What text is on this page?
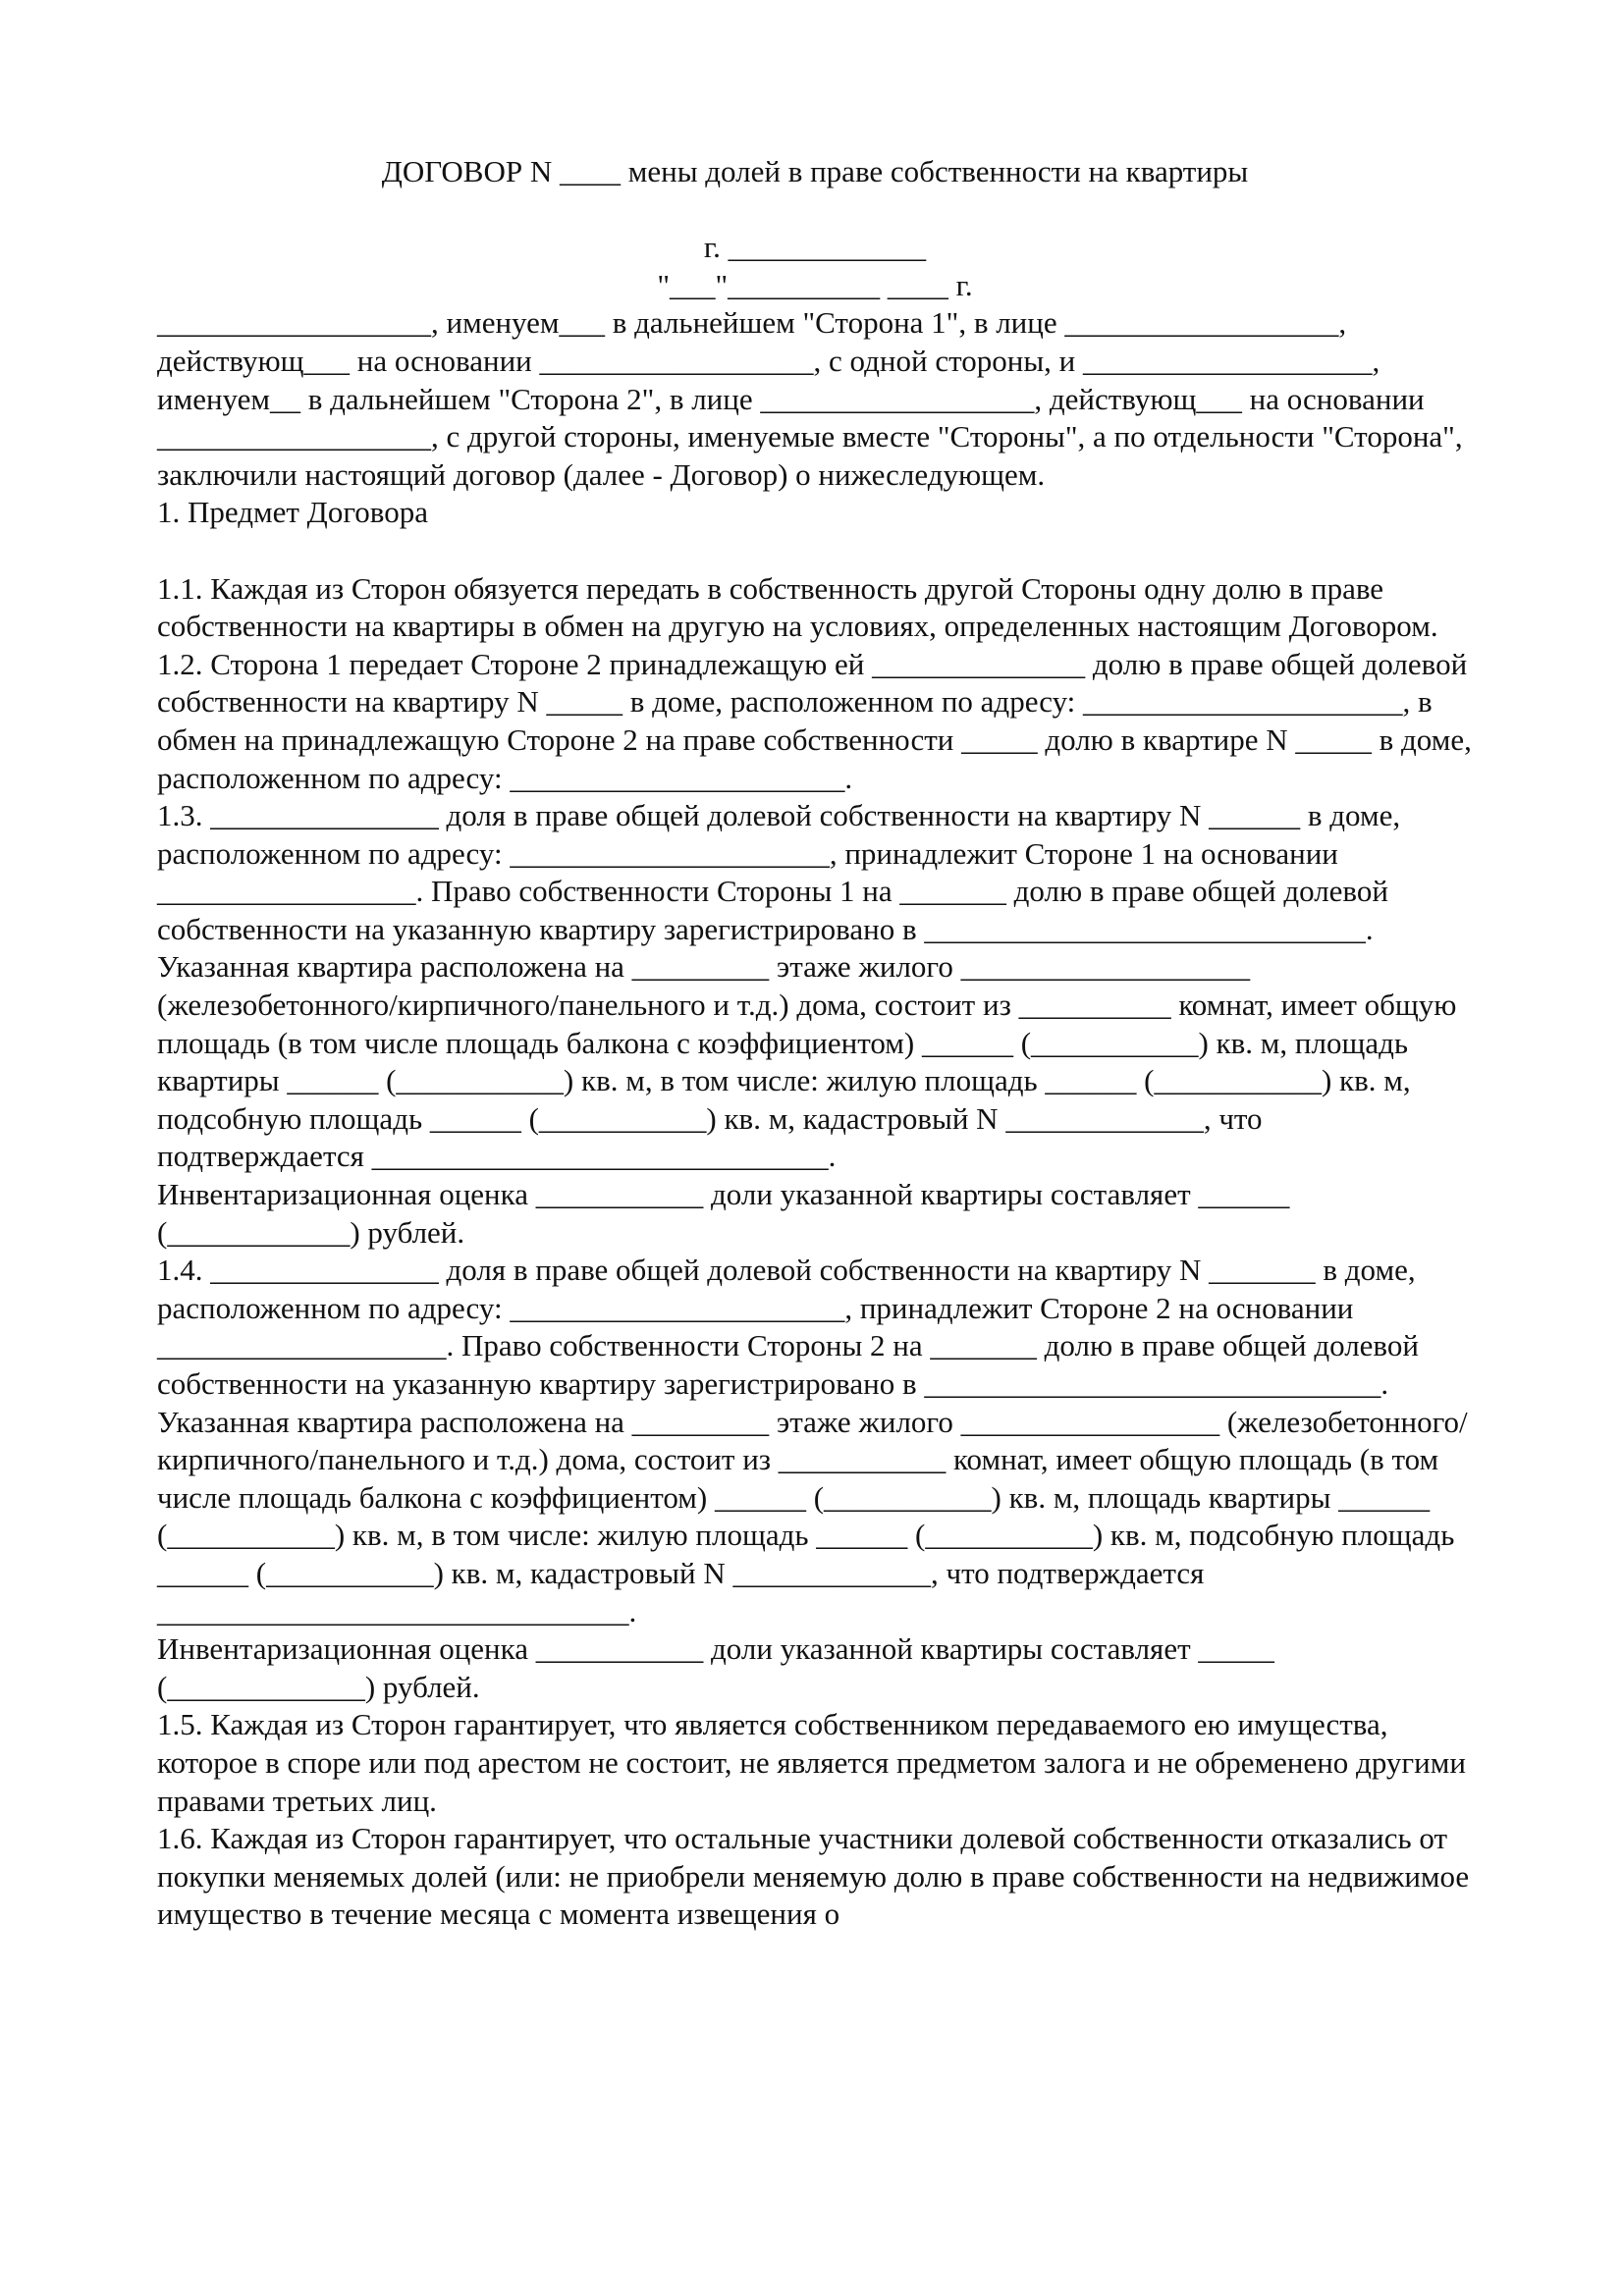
ДОГОВОР N ____ мены долей в праве собственности на квартиры

г. _____________

"___"__________ ____ г.

__________________, именуем___ в дальнейшем "Сторона 1", в лице __________________, действующ___ на основании __________________, с одной стороны, и ___________________, именуем__ в дальнейшем "Сторона 2", в лице __________________, действующ___ на основании __________________, с другой стороны, именуемые вместе "Стороны", а по отдельности "Сторона", заключили настоящий договор (далее - Договор) о нижеследующем.

1. Предмет Договора

1.1. Каждая из Сторон обязуется передать в собственность другой Стороны одну долю в праве собственности на квартиры в обмен на другую на условиях, определенных настоящим Договором.

1.2. Сторона 1 передает Стороне 2 принадлежащую ей ______________ долю в праве общей долевой собственности на квартиру N _____ в доме, расположенном по адресу: _____________________, в обмен на принадлежащую Стороне 2 на праве собственности _____ долю в квартире N _____ в доме, расположенном по адресу: ______________________.

1.3. _______________ доля в праве общей долевой собственности на квартиру N ______ в доме, расположенном по адресу: _____________________, принадлежит Стороне 1 на основании _________________. Право собственности Стороны 1 на _______ долю в праве общей долевой собственности на указанную квартиру зарегистрировано в _____________________________.

Указанная квартира расположена на _________ этаже жилого ___________________ (железобетонного/кирпичного/панельного и т.д.) дома, состоит из __________ комнат, имеет общую площадь (в том числе площадь балкона с коэффициентом) ______ (___________) кв. м, площадь квартиры ______ (___________) кв. м, в том числе: жилую площадь ______ (___________) кв. м, подсобную площадь ______ (___________) кв. м, кадастровый N _____________, что подтверждается ______________________________.

Инвентаризационная оценка ___________ доли указанной квартиры составляет ______ (____________) рублей.

1.4. _______________ доля в праве общей долевой собственности на квартиру N _______ в доме, расположенном по адресу: ______________________, принадлежит Стороне 2 на основании ___________________. Право собственности Стороны 2 на _______ долю в праве общей долевой собственности на указанную квартиру зарегистрировано в ______________________________.

Указанная квартира расположена на _________ этаже жилого _________________ (железобетонного/кирпичного/панельного и т.д.) дома, состоит из ___________ комнат, имеет общую площадь (в том числе площадь балкона с коэффициентом) ______ (___________) кв. м, площадь квартиры ______ (___________) кв. м, в том числе: жилую площадь ______ (___________) кв. м, подсобную площадь ______ (___________) кв. м, кадастровый N _____________, что подтверждается _______________________________.

Инвентаризационная оценка ___________ доли указанной квартиры составляет _____ (_____________) рублей.

1.5. Каждая из Сторон гарантирует, что является собственником передаваемого ею имущества, которое в споре или под арестом не состоит, не является предметом залога и не обременено другими правами третьих лиц.

1.6. Каждая из Сторон гарантирует, что остальные участники долевой собственности отказались от покупки меняемых долей (или: не приобрели меняемую долю в праве собственности на недвижимое имущество в течение месяца с момента извещения о
